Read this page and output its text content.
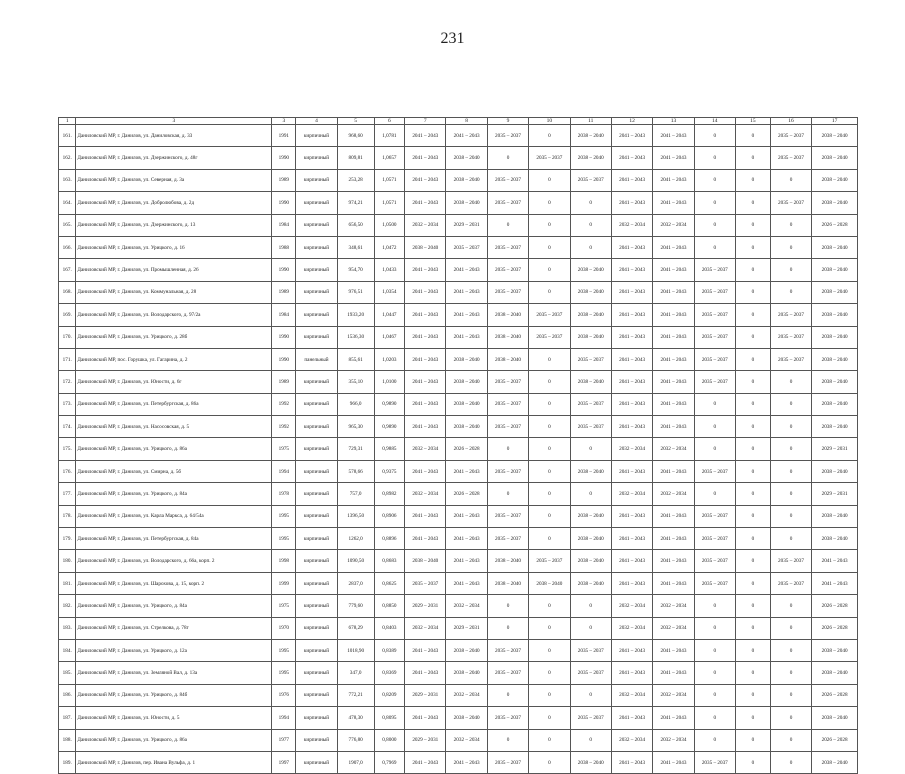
231
1	3	3	4	5	6	7	8	9	10	11	12	13	14	15	16	17
161.	Даниловский МР, г. Данилов, ул. Даниловская, д. 33	1991	кирпичный	968,60	1,0781	2041 – 2043	2041 – 2043	2035 – 2037	0	2038 – 2040	2041 – 2043	2041 – 2043	0	0	2035 – 2037	2038 – 2040
162.	Даниловский МР, г. Данилов, ул. Дзержинского, д. 48г	1990	кирпичный	809,81	1,0657	2041 – 2043	2038 – 2040	0	2035 – 2037	2038 – 2040	2041 – 2043	2041 – 2043	0	0	2035 – 2037	2038 – 2040
163.	Даниловский МР, г. Данилов, ул. Северная, д. 3а	1989	кирпичный	253,28	1,0571	2041 – 2043	2038 – 2040	2035 – 2037	0	2035 – 2037	2041 – 2043	2041 – 2043	0	0	0	2038 – 2040
164.	Даниловский МР, г. Данилов, ул. Добролюбова, д. 2д	1990	кирпичный	974,21	1,0571	2041 – 2043	2038 – 2040	2035 – 2037	0	0	2041 – 2043	2041 – 2043	0	0	2035 – 2037	2038 – 2040
165.	Даниловский МР, г. Данилов, ул. Дзержинского, д. 13	1984	кирпичный	656,50	1,0500	2032 – 2034	2029 – 2031	0	0	0	2032 – 2034	2032 – 2034	0	0	0	2026 – 2028
166.	Даниловский МР, г. Данилов, ул. Урицкого, д. 16	1988	кирпичный	348,61	1,0472	2038 – 2040	2035 – 2037	2035 – 2037	0	0	2041 – 2043	2041 – 2043	0	0	0	2038 – 2040
167.	Даниловский МР, г. Данилов, ул. Промышленная, д. 26	1990	кирпичный	954,70	1,0433	2041 – 2043	2041 – 2043	2035 – 2037	0	2038 – 2040	2041 – 2043	2041 – 2043	2035 – 2037	0	0	2038 – 2040
168.	Даниловский МР, г. Данилов, ул. Коммунальная, д. 28	1989	кирпичный	976,51	1,0354	2041 – 2043	2041 – 2043	2035 – 2037	0	2038 – 2040	2041 – 2043	2041 – 2043	2035 – 2037	0	0	2038 – 2040
169.	Даниловский МР, г. Данилов, ул. Володарского, д. 97/2а	1984	кирпичный	1933,20	1,0447	2041 – 2043	2041 – 2043	2038 – 2040	2035 – 2037	2038 – 2040	2041 – 2043	2041 – 2043	2035 – 2037	0	2035 – 2037	2038 – 2040
170.	Даниловский МР, г. Данилов, ул. Урицкого, д. 28б	1990	кирпичный	1536,30	1,0467	2041 – 2043	2041 – 2043	2038 – 2040	2035 – 2037	2038 – 2040	2041 – 2043	2041 – 2043	2035 – 2037	0	2035 – 2037	2038 – 2040
171.	Даниловский МР, пос. Горушка, ул. Гагарина, д. 2	1990	панельный	855,61	1,0203	2041 – 2043	2038 – 2040	2038 – 2040	0	2035 – 2037	2041 – 2043	2041 – 2043	2035 – 2037	0	2035 – 2037	2038 – 2040
172.	Даниловский МР, г. Данилов, ул. Юности, д. 6г	1989	кирпичный	355,10	1,0100	2041 – 2043	2038 – 2040	2035 – 2037	0	2038 – 2040	2041 – 2043	2041 – 2043	2035 – 2037	0	0	2038 – 2040
173.	Даниловский МР, г. Данилов, ул. Петербургская, д. 86а	1992	кирпичный	966,0	0,9890	2041 – 2043	2038 – 2040	2035 – 2037	0	2035 – 2037	2041 – 2043	2041 – 2043	0	0	0	2038 – 2040
174.	Даниловский МР, г. Данилов, ул. Насосовская, д. 5	1992	кирпичный	965,30	0,9890	2041 – 2043	2038 – 2040	2035 – 2037	0	2035 – 2037	2041 – 2043	2041 – 2043	0	0	0	2038 – 2040
175.	Даниловский МР, г. Данилов, ул. Урицкого, д. 86а	1975	кирпичный	729,31	0,9885	2032 – 2034	2026 – 2028	0	0	0	2032 – 2034	2032 – 2034	0	0	0	2029 – 2031
176.	Даниловский МР, г. Данилов, ул. Смирна, д. 5б	1994	кирпичный	578,66	0,9375	2041 – 2043	2041 – 2043	2035 – 2037	0	2038 – 2040	2041 – 2043	2041 – 2043	2035 – 2037	0	0	2038 – 2040
177.	Даниловский МР, г. Данилов, ул. Урицкого, д. 84а	1978	кирпичный	757,0	0,8982	2032 – 2034	2026 – 2028	0	0	0	2032 – 2034	2032 – 2034	0	0	0	2029 – 2031
178.	Даниловский МР, г. Данилов, ул. Карла Маркса, д. 64/54а	1995	кирпичный	1396,50	0,8906	2041 – 2043	2041 – 2043	2035 – 2037	0	2038 – 2040	2041 – 2043	2041 – 2043	2035 – 2037	0	0	2038 – 2040
179.	Даниловский МР, г. Данилов, ул. Петербургская, д. 84а	1995	кирпичный	1262,0	0,8896	2041 – 2043	2041 – 2043	2035 – 2037	0	2038 – 2040	2041 – 2043	2041 – 2043	2035 – 2037	0	0	2038 – 2040
180.	Даниловский МР, г. Данилов, ул. Володарского, д. 66а, корп. 2	1998	кирпичный	1090,50	0,8683	2038 – 2040	2041 – 2043	2038 – 2040	2035 – 2037	2038 – 2040	2041 – 2043	2041 – 2043	2035 – 2037	0	2035 – 2037	2041 – 2043
181.	Даниловский МР, г. Данилов, ул. Шарохова, д. 15, корп. 2	1999	кирпичный	2837,0	0,8625	2035 – 2037	2041 – 2043	2038 – 2040	2038 – 2040	2038 – 2040	2041 – 2043	2041 – 2043	2035 – 2037	0	2035 – 2037	2041 – 2043
182.	Даниловский МР, г. Данилов, ул. Урицкого, д. 84а	1975	кирпичный	779,60	0,8850	2029 – 2031	2032 – 2034	0	0	0	2032 – 2034	2032 – 2034	0	0	0	2026 – 2028
183.	Даниловский МР, г. Данилов, ул. Стрелкова, д. 78г	1970	кирпичный	678,29	0,8403	2032 – 2034	2029 – 2031	0	0	0	2032 – 2034	2032 – 2034	0	0	0	2026 – 2028
184.	Даниловский МР, г. Данилов, ул. Урицкого, д. 12а	1995	кирпичный	1018,90	0,8389	2041 – 2043	2038 – 2040	2035 – 2037	0	2035 – 2037	2041 – 2043	2041 – 2043	0	0	0	2038 – 2040
185.	Даниловский МР, г. Данилов, ул. Земляной Вал, д. 13а	1995	кирпичный	347,0	0,8369	2041 – 2043	2038 – 2040	2035 – 2037	0	2035 – 2037	2041 – 2043	2041 – 2043	0	0	0	2038 – 2040
186.	Даниловский МР, г. Данилов, ул. Урицкого, д. 84б	1976	кирпичный	772,21	0,8209	2029 – 2031	2032 – 2034	0	0	0	2032 – 2034	2032 – 2034	0	0	0	2026 – 2028
187.	Даниловский МР, г. Данилов, ул. Юности, д. 5	1994	кирпичный	478,30	0,8095	2041 – 2043	2038 – 2040	2035 – 2037	0	2035 – 2037	2041 – 2043	2041 – 2043	0	0	0	2038 – 2040
188.	Даниловский МР, г. Данилов, ул. Урицкого, д. 86а	1977	кирпичный	776,80	0,8000	2029 – 2031	2032 – 2034	0	0	0	2032 – 2034	2032 – 2034	0	0	0	2026 – 2028
189.	Даниловский МР, г. Данилов, пер. Ивана Вульфа, д. 1	1997	кирпичный	1907,0	0,7969	2041 – 2043	2041 – 2043	2035 – 2037	0	2038 – 2040	2041 – 2043	2041 – 2043	2035 – 2037	0	0	2038 – 2040
